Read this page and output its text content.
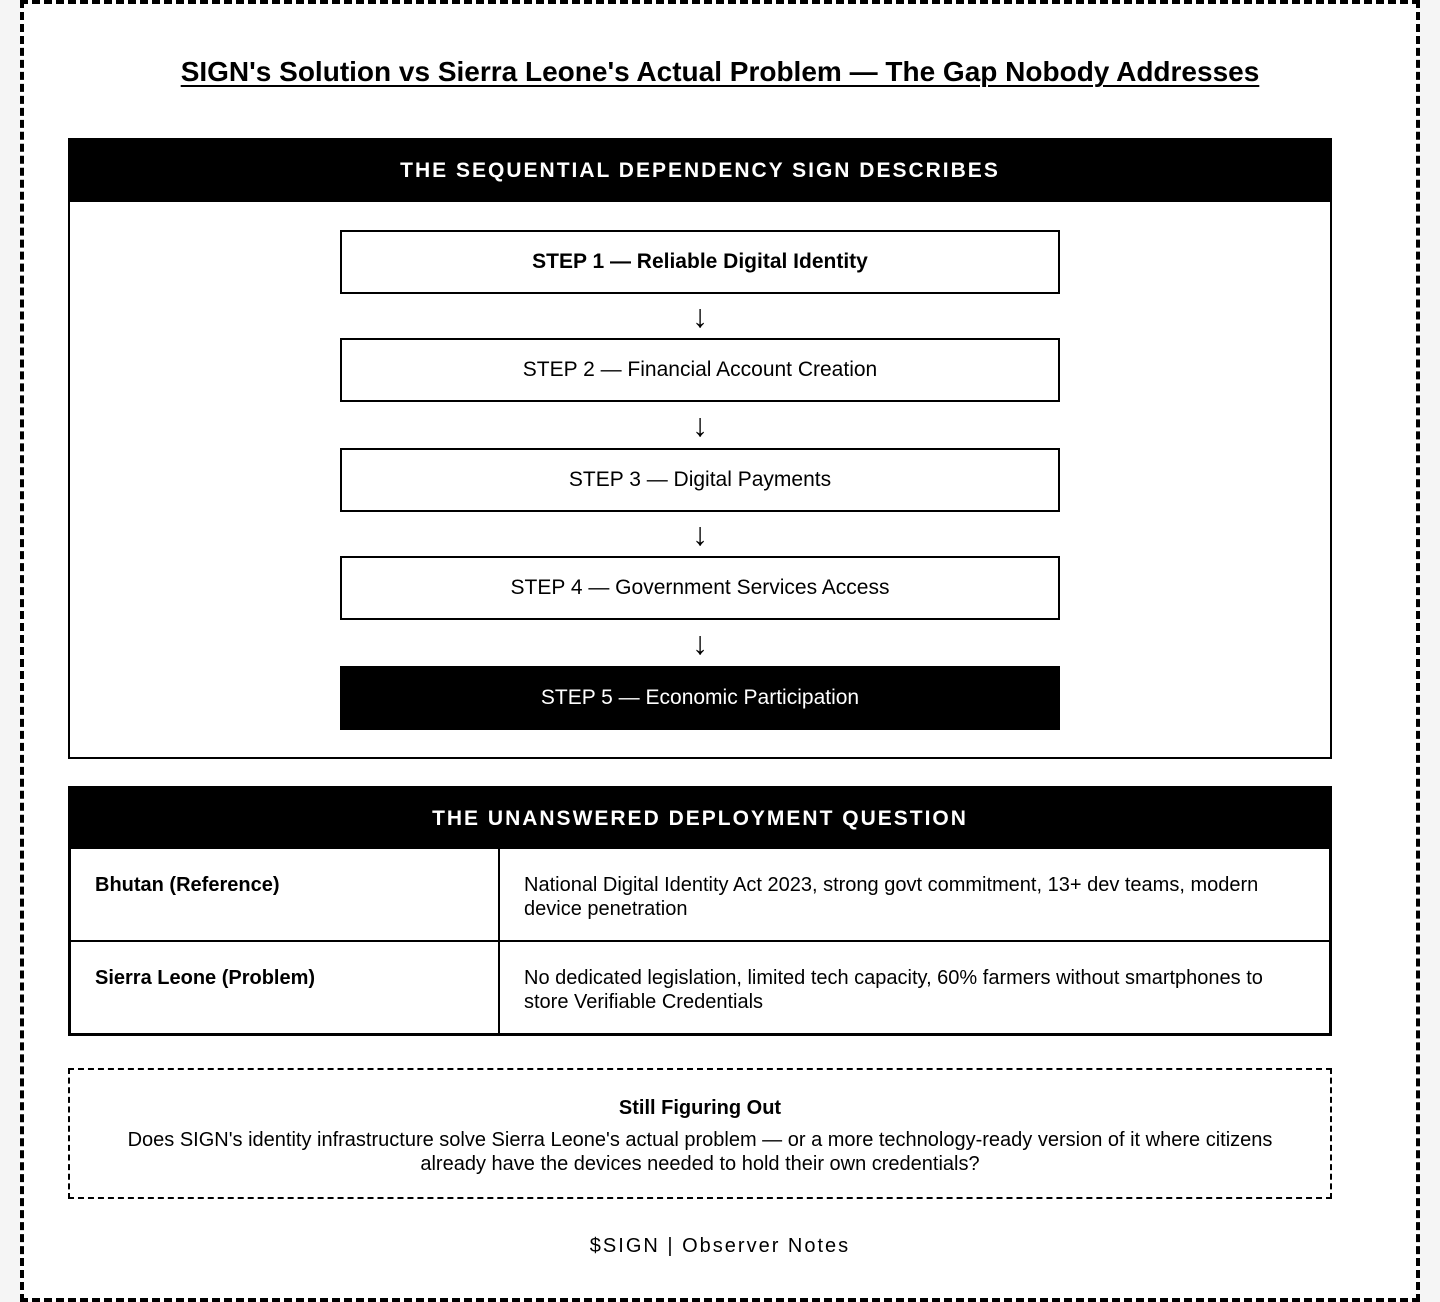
SIGN's Solution vs Sierra Leone's Actual Problem — The Gap Nobody Addresses
THE SEQUENTIAL DEPENDENCY SIGN DESCRIBES
STEP 1 — Reliable Digital Identity
↓
STEP 2 — Financial Account Creation
↓
STEP 3 — Digital Payments
↓
STEP 4 — Government Services Access
↓
STEP 5 — Economic Participation
THE UNANSWERED DEPLOYMENT QUESTION
Bhutan (Reference)	National Digital Identity Act 2023, strong govt commitment, 13+ dev teams, modern device penetration
Sierra Leone (Problem)	No dedicated legislation, limited tech capacity, 60% farmers without smartphones to store Verifiable Credentials
Still Figuring Out
Does SIGN's identity infrastructure solve Sierra Leone's actual problem — or a more technology-ready version of it where citizens already have the devices needed to hold their own credentials?
$SIGN | Observer Notes
